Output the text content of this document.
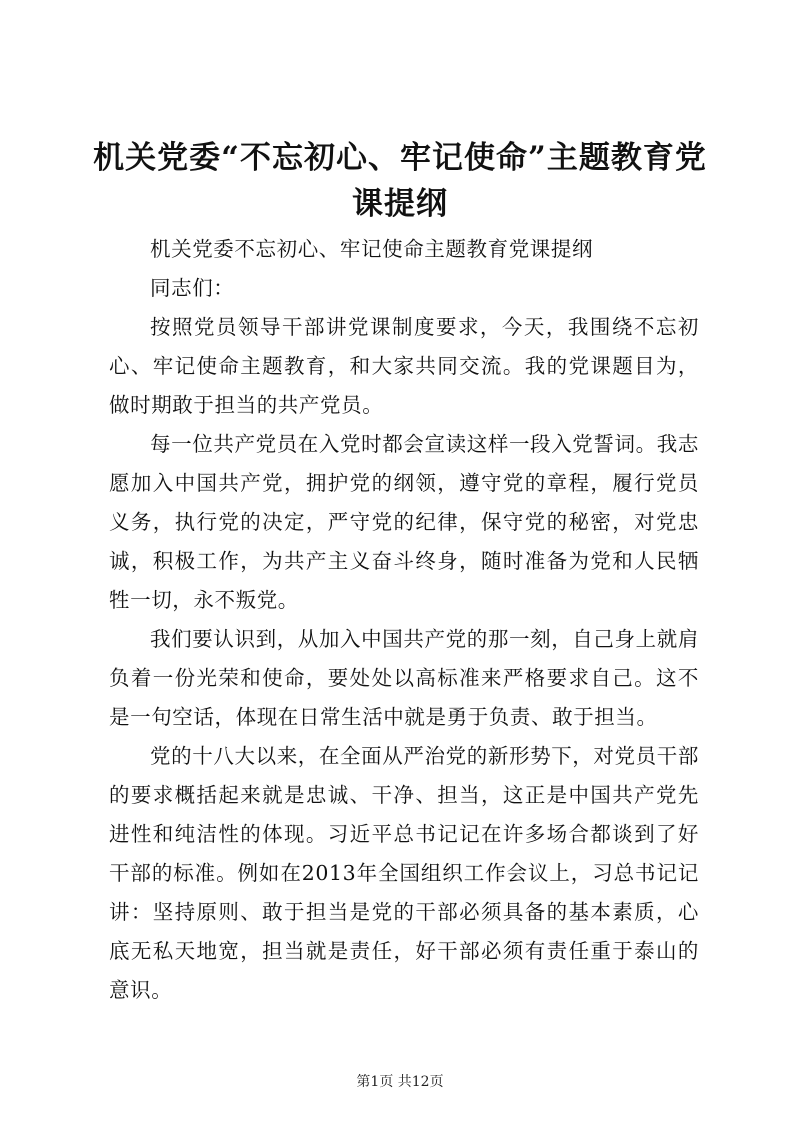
机关党委“不忘初心、牢记使命”主题教育党课提纲

机关党委不忘初心、牢记使命主题教育党课提纲

同志们：

按照党员领导干部讲党课制度要求，今天，我围绕不忘初心、牢记使命主题教育，和大家共同交流。我的党课题目为，做时期敢于担当的共产党员。

每一位共产党员在入党时都会宣读这样一段入党誓词。我志愿加入中国共产党，拥护党的纲领，遵守党的章程，履行党员义务，执行党的决定，严守党的纪律，保守党的秘密，对党忠诚，积极工作，为共产主义奋斗终身，随时准备为党和人民牺牲一切，永不叛党。

我们要认识到，从加入中国共产党的那一刻，自己身上就肩负着一份光荣和使命，要处处以高标准来严格要求自己。这不是一句空话，体现在日常生活中就是勇于负责、敢于担当。

党的十八大以来，在全面从严治党的新形势下，对党员干部的要求概括起来就是忠诚、干净、担当，这正是中国共产党先进性和纯洁性的体现。习近平总书记记在许多场合都谈到了好干部的标准。例如在2013年全国组织工作会议上，习总书记记讲：坚持原则、敢于担当是党的干部必须具备的基本素质，心底无私天地宽，担当就是责任，好干部必须有责任重于泰山的意识。

第1页 共12页
